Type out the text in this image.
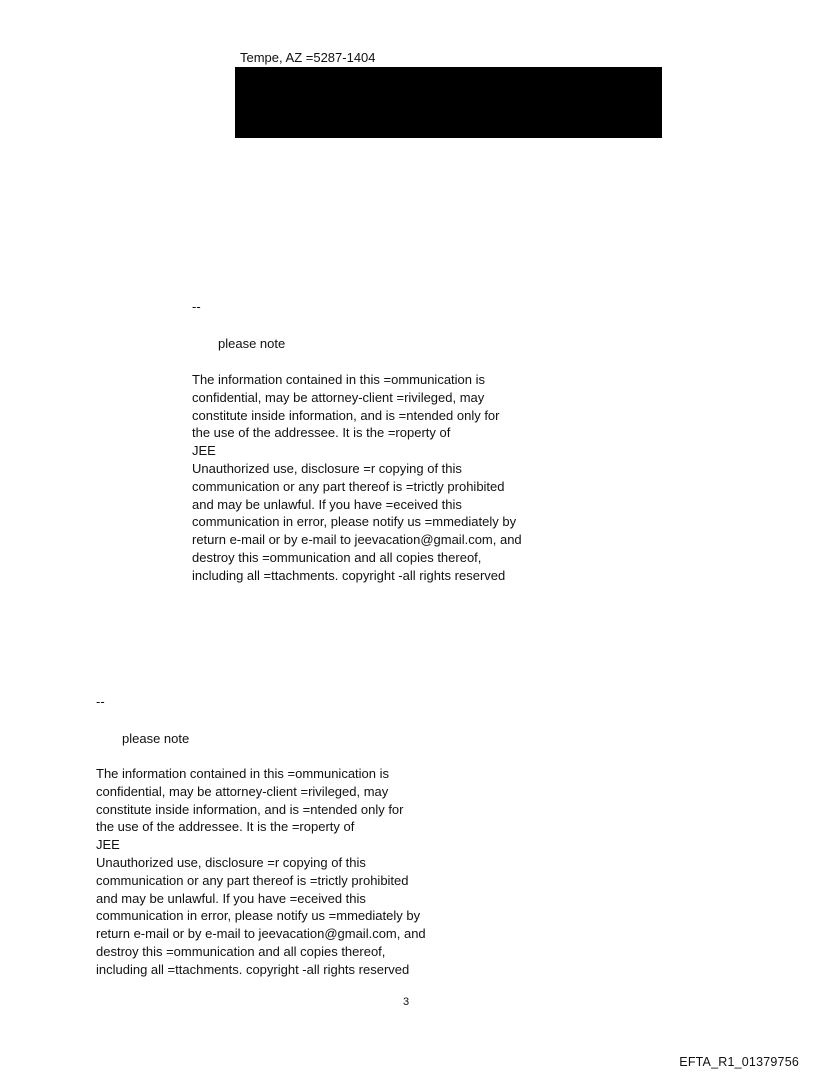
Tempe, AZ =5287-1404
--
please note
The information contained in this =ommunication is
confidential, may be attorney-client =rivileged, may
constitute inside information, and is =ntended only for
the use of the addressee. It is the =roperty of
JEE
Unauthorized use, disclosure =r copying of this
communication or any part thereof is =trictly prohibited
and may be unlawful. If you have =eceived this
communication in error, please notify us =mmediately by
return e-mail or by e-mail to jeevacation@gmail.com, and
destroy this =ommunication and all copies thereof,
including all =ttachments. copyright -all rights reserved
--
please note
The information contained in this =ommunication is
confidential, may be attorney-client =rivileged, may
constitute inside information, and is =ntended only for
the use of the addressee. It is the =roperty of
JEE
Unauthorized use, disclosure =r copying of this
communication or any part thereof is =trictly prohibited
and may be unlawful. If you have =eceived this
communication in error, please notify us =mmediately by
return e-mail or by e-mail to jeevacation@gmail.com, and
destroy this =ommunication and all copies thereof,
including all =ttachments. copyright -all rights reserved
3
EFTA_R1_01379756
